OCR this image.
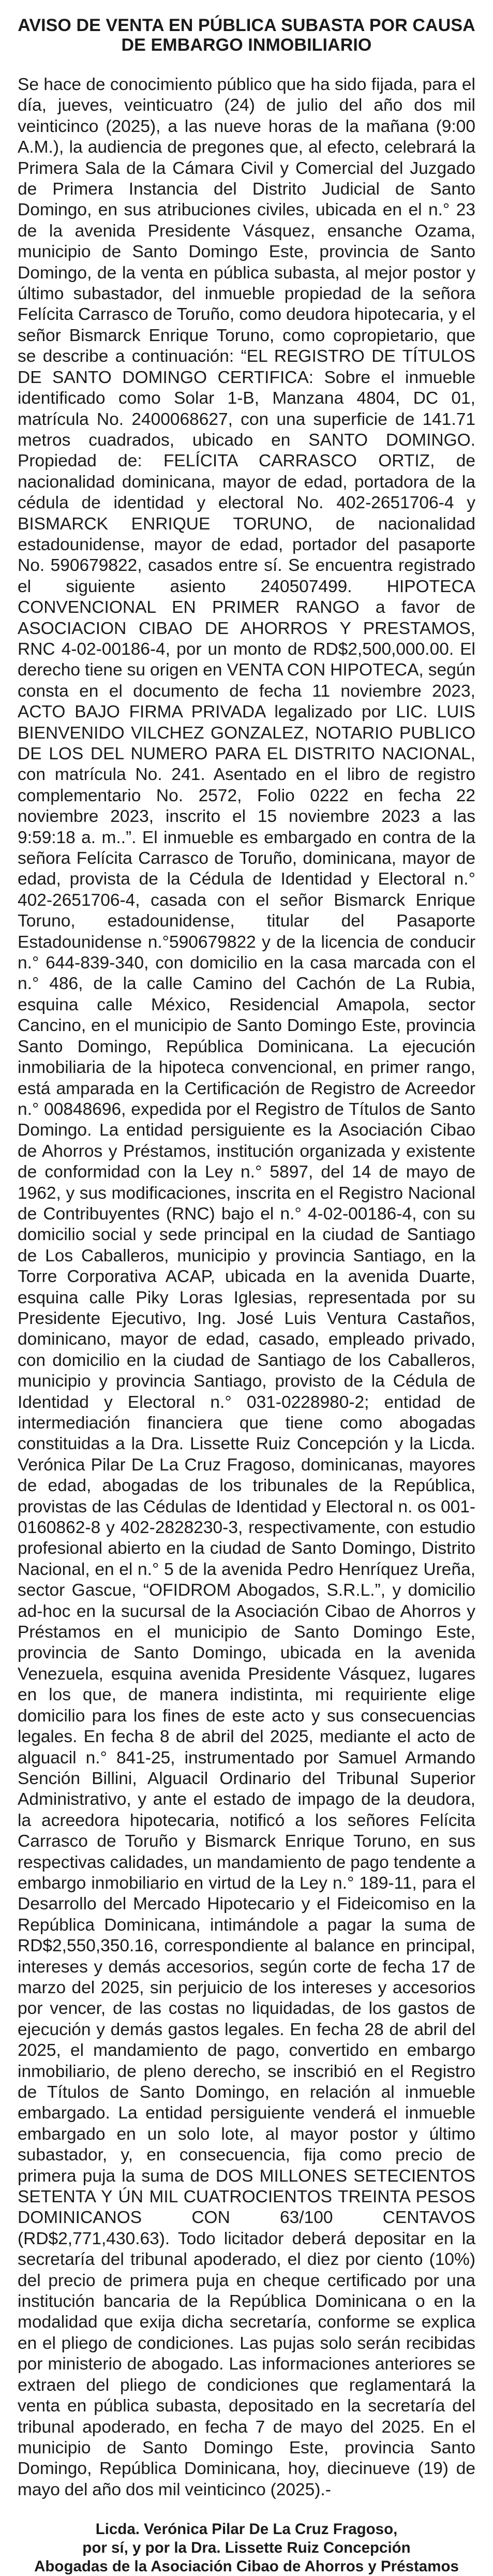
AVISO DE VENTA EN PÚBLICA SUBASTA POR CAUSA
DE EMBARGO INMOBILIARIO

Se hace de conocimiento público que ha sido fijada, para el día, jueves, veinticuatro (24) de julio del año dos mil veinticinco (2025), a las nueve horas de la mañana (9:00 A.M.), la audiencia de pregones que, al efecto, celebrará la Primera Sala de la Cámara Civil y Comercial del Juzgado de Primera Instancia del Distrito Judicial de Santo Domingo, en sus atribuciones civiles, ubicada en el n.° 23 de la avenida Presidente Vásquez, ensanche Ozama, municipio de Santo Domingo Este, provincia de Santo Domingo, de la venta en pública subasta, al mejor postor y último subastador, del inmueble propiedad de la señora Felícita Carrasco de Toruño, como deudora hipotecaria, y el señor Bismarck Enrique Toruno, como copropietario, que se describe a continuación: “EL REGISTRO DE TÍTULOS DE SANTO DOMINGO CERTIFICA: Sobre el inmueble identificado como Solar 1-B, Manzana 4804, DC 01, matrícula No. 2400068627, con una superficie de 141.71 metros cuadrados, ubicado en SANTO DOMINGO. Propiedad de: FELÍCITA CARRASCO ORTIZ, de nacionalidad dominicana, mayor de edad, portadora de la cédula de identidad y electoral No. 402-2651706-4 y BISMARCK ENRIQUE TORUNO, de nacionalidad estadounidense, mayor de edad, portador del pasaporte No. 590679822, casados entre sí. Se encuentra registrado el siguiente asiento 240507499. HIPOTECA CONVENCIONAL EN PRIMER RANGO a favor de ASOCIACION CIBAO DE AHORROS Y PRESTAMOS, RNC 4-02-00186-4, por un monto de RD$2,500,000.00. El derecho tiene su origen en VENTA CON HIPOTECA, según consta en el documento de fecha 11 noviembre 2023, ACTO BAJO FIRMA PRIVADA legalizado por LIC. LUIS BIENVENIDO VILCHEZ GONZALEZ, NOTARIO PUBLICO DE LOS DEL NUMERO PARA EL DISTRITO NACIONAL, con matrícula No. 241. Asentado en el libro de registro complementario No. 2572, Folio 0222 en fecha 22 noviembre 2023, inscrito el 15 noviembre 2023 a las 9:59:18 a. m..”. El inmueble es embargado en contra de la señora Felícita Carrasco de Toruño, dominicana, mayor de edad, provista de la Cédula de Identidad y Electoral n.° 402-2651706-4, casada con el señor Bismarck Enrique Toruno, estadounidense, titular del Pasaporte Estadounidense n.°590679822 y de la licencia de conducir n.° 644-839-340, con domicilio en la casa marcada con el n.° 486, de la calle Camino del Cachón de La Rubia, esquina calle México, Residencial Amapola, sector Cancino, en el municipio de Santo Domingo Este, provincia Santo Domingo, República Dominicana. La ejecución inmobiliaria de la hipoteca convencional, en primer rango, está amparada en la Certificación de Registro de Acreedor n.° 00848696, expedida por el Registro de Títulos de Santo Domingo. La entidad persiguiente es la Asociación Cibao de Ahorros y Préstamos, institución organizada y existente de conformidad con la Ley n.° 5897, del 14 de mayo de 1962, y sus modificaciones, inscrita en el Registro Nacional de Contribuyentes (RNC) bajo el n.° 4-02-00186-4, con su domicilio social y sede principal en la ciudad de Santiago de Los Caballeros, municipio y provincia Santiago, en la Torre Corporativa ACAP, ubicada en la avenida Duarte, esquina calle Piky Loras Iglesias, representada por su Presidente Ejecutivo, Ing. José Luis Ventura Castaños, dominicano, mayor de edad, casado, empleado privado, con domicilio en la ciudad de Santiago de los Caballeros, municipio y provincia Santiago, provisto de la Cédula de Identidad y Electoral n.° 031-0228980-2; entidad de intermediación financiera que tiene como abogadas constituidas a la Dra. Lissette Ruiz Concepción y la Licda. Verónica Pilar De La Cruz Fragoso, dominicanas, mayores de edad, abogadas de los tribunales de la República, provistas de las Cédulas de Identidad y Electoral n. os 001-0160862-8 y 402-2828230-3, respectivamente, con estudio profesional abierto en la ciudad de Santo Domingo, Distrito Nacional, en el n.° 5 de la avenida Pedro Henríquez Ureña, sector Gascue, “OFIDROM Abogados, S.R.L.”, y domicilio ad-hoc en la sucursal de la Asociación Cibao de Ahorros y Préstamos en el municipio de Santo Domingo Este, provincia de Santo Domingo, ubicada en la avenida Venezuela, esquina avenida Presidente Vásquez, lugares en los que, de manera indistinta, mi requiriente elige domicilio para los fines de este acto y sus consecuencias legales. En fecha 8 de abril del 2025, mediante el acto de alguacil n.° 841-25, instrumentado por Samuel Armando Sención Billini, Alguacil Ordinario del Tribunal Superior Administrativo, y ante el estado de impago de la deudora, la acreedora hipotecaria, notificó a los señores Felícita Carrasco de Toruño y Bismarck Enrique Toruno, en sus respectivas calidades, un mandamiento de pago tendente a embargo inmobiliario en virtud de la Ley n.° 189-11, para el Desarrollo del Mercado Hipotecario y el Fideicomiso en la República Dominicana, intimándole a pagar la suma de RD$2,550,350.16, correspondiente al balance en principal, intereses y demás accesorios, según corte de fecha 17 de marzo del 2025, sin perjuicio de los intereses y accesorios por vencer, de las costas no liquidadas, de los gastos de ejecución y demás gastos legales. En fecha 28 de abril del 2025, el mandamiento de pago, convertido en embargo inmobiliario, de pleno derecho, se inscribió en el Registro de Títulos de Santo Domingo, en relación al inmueble embargado. La entidad persiguiente venderá el inmueble embargado en un solo lote, al mayor postor y último subastador, y, en consecuencia, fija como precio de primera puja la suma de DOS MILLONES SETECIENTOS SETENTA Y ÚN MIL CUATROCIENTOS TREINTA PESOS DOMINICANOS CON 63/100 CENTAVOS (RD$2,771,430.63). Todo licitador deberá depositar en la secretaría del tribunal apoderado, el diez por ciento (10%) del precio de primera puja en cheque certificado por una institución bancaria de la República Dominicana o en la modalidad que exija dicha secretaría, conforme se explica en el pliego de condiciones. Las pujas solo serán recibidas por ministerio de abogado. Las informaciones anteriores se extraen del pliego de condiciones que reglamentará la venta en pública subasta, depositado en la secretaría del tribunal apoderado, en fecha 7 de mayo del 2025. En el municipio de Santo Domingo Este, provincia Santo Domingo, República Dominicana, hoy, diecinueve (19) de mayo del año dos mil veinticinco (2025).-

Licda. Verónica Pilar De La Cruz Fragoso,
por sí, y por la Dra. Lissette Ruiz Concepción
Abogadas de la Asociación Cibao de Ahorros y Préstamos
